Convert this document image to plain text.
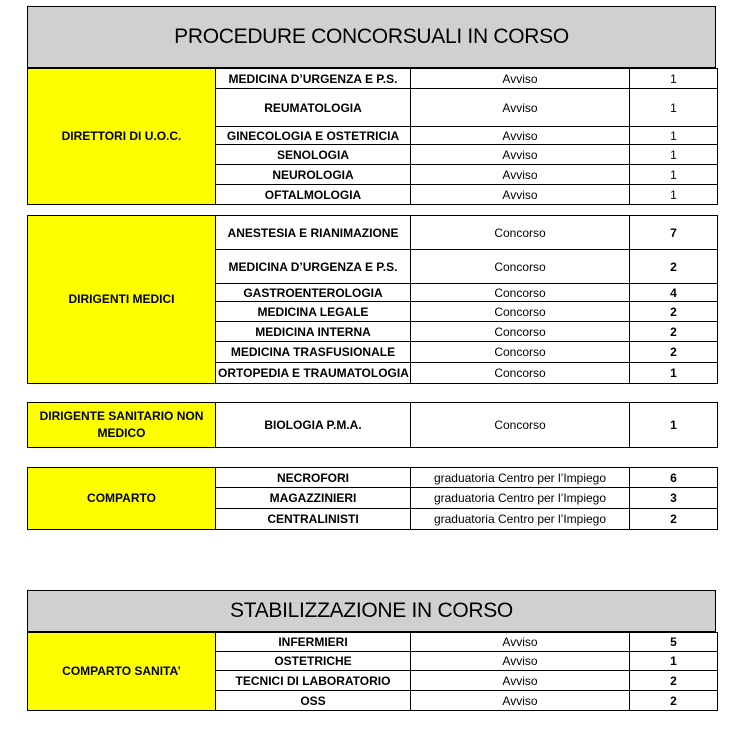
PROCEDURE CONCORSUALI IN CORSO
STABILIZZAZIONE IN CORSO
DIRETTORI DI U.O.C.	MEDICINA D’URGENZA E P.S.	Avviso	1
	REUMATOLOGIA	Avviso	1
	GINECOLOGIA E OSTETRICIA	Avviso	1
	SENOLOGIA	Avviso	1
	NEUROLOGIA	Avviso	1
	OFTALMOLOGIA	Avviso	1
DIRIGENTI MEDICI	ANESTESIA E RIANIMAZIONE	Concorso	7
	MEDICINA D’URGENZA E P.S.	Concorso	2
	GASTROENTEROLOGIA	Concorso	4
	MEDICINA LEGALE	Concorso	2
	MEDICINA INTERNA	Concorso	2
	MEDICINA TRASFUSIONALE	Concorso	2
	ORTOPEDIA E TRAUMATOLOGIA	Concorso	1
DIRIGENTE SANITARIO NON MEDICO	BIOLOGIA P.M.A.	Concorso	1
COMPARTO	NECROFORI	graduatoria Centro per l’Impiego	6
	MAGAZZINIERI	graduatoria Centro per l’Impiego	3
	CENTRALINISTI	graduatoria Centro per l’Impiego	2
COMPARTO SANITA’	INFERMIERI	Avviso	5
	OSTETRICHE	Avviso	1
	TECNICI DI LABORATORIO	Avviso	2
	OSS	Avviso	2
